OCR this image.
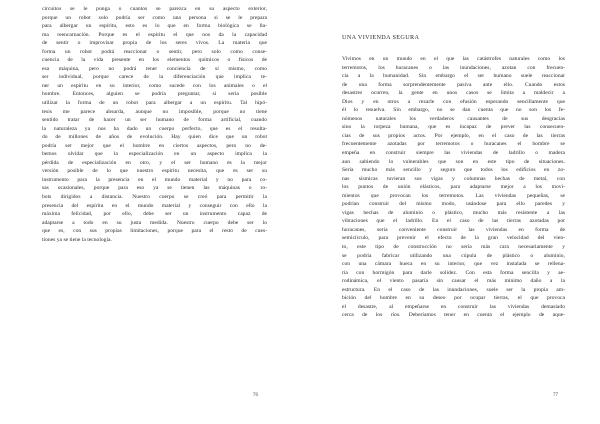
circuitos se le ponga o cuantos se parezca en su aspecto exterior,
porque un robot solo podría ser como una persona si se le prepara
para albergar un espíritu, esto es lo que en forma biológica se lla-
ma reencarnación. Porque es el espíritu el que nos da la capacidad
de sentir o improvisar propia de los seres vivos. La materia que
forma un robot podrá reaccionar o sentir, pero solo como conse-
cuencia de la vida presente en los elementos químicos o físicos de
esa máquina, pero no podrá tener conciencia de sí mismo, como
ser individual, porque carece de la diferenciación que implica te-
ner un espíritu en su interior, como sucede con los animales o el
hombre. Entonces, alguien se podría preguntar, si sería posible
utilizar la forma de un robot para albergar a un espíritu. Tal hipó-
tesis me parece absurda, aunque no imposible, porque no tiene
sentido tratar de hacer un ser humano de forma artificial, cuando
la naturaleza ya nos ha dado un cuerpo perfecto, que es el resulta-
do de millones de años de evolución. Hay quien dice que un robot
podría ser mejor que el hombre en ciertos aspectos, pero no de-
bemos olvidar que la especialización en un aspecto implica la
pérdida de especialización en otro, y el ser humano es la mejor
versión posible de lo que nuestro espíritu necesita, que es ser su
instrumento para la presencia en el mundo material y no para co-
sas ocasionales, porque para eso ya se tienen las máquinas o ro-
bots dirigidos a distancia. Nuestro cuerpo se creó para permitir la
presencia del espíritu en el mundo material y conseguir con ello la
máxima felicidad, por ello, debe ser un instrumento capaz de
adaptarse a todo en su justa medida. Nuestro cuerpo debe ser lo
que es, con sus propias limitaciones, porque para el resto de cues-
tiones ya se tiene la tecnología.
76
UNA VIVIENDA SEGURA
Vivimos en un mundo en el que las catástrofes naturales como los
terremotos, los huracanes o las inundaciones, azotan con frecuen-
cia a la humanidad. Sin embargo el ser humano suele reaccionar
de una forma sorprendentemente pasiva ante ello. Cuando estos
desastres ocurren, la gente en unos casos se limita a maldecir a
Dios y en otros a rezarle con efusión esperando sencillamente que
él lo resuelva. Sin embargo, no se dan cuenta que no son los fe-
nómenos naturales los verdaderos causantes de sus desgracias
sino la torpeza humana, que es incapaz de prever las consecuen-
cias de sus propios actos. Por ejemplo, en el caso de las tierras
frecuentemente azotadas por terremotos o huracanes el hombre se
empeña en construir siempre las viviendas de ladrillo o madera
aun sabiendo lo vulnerables que son en este tipo de situaciones.
Sería mucho más sencillo y seguro que todos los edificios en zo-
nas sísmicas tuvieran sus vigas y columnas hechas de metal, con
los puntos de unión elásticos, para adaptarse mejor a los movi-
mientos que provocan los terremotos. Las viviendas pequeñas, se
podrían construir del mismo modo, usándose para ello paredes y
vigas hechas de aluminio o plástico, mucho más resistente a las
vibraciones que el ladrillo. En el caso de las tierras azotadas por
huracanes, sería conveniente construir las viviendas en forma de
semicírculo, para prevenir el efecto de la gran velocidad del vien-
to, este tipo de construcción no sería más cara necesariamente y
se podría fabricar utilizando una cúpula de plástico o aluminio,
con una cámara hueca en su interior, que vez instalada se rellena-
ría con hormigón para darle solidez. Con esta forma sencilla y ae-
rodinámica, el viento pasaría sin causar el más mínimo daño a la
estructura. En el caso de las inundaciones, suele ser la propia am-
bición del hombre en su deseo por ocupar tierras, el que provoca
el desastre, al empeñarse en construir las viviendas demasiado
cerca de los ríos. Deberíamos tener en cuenta el ejemplo de aque-
77
